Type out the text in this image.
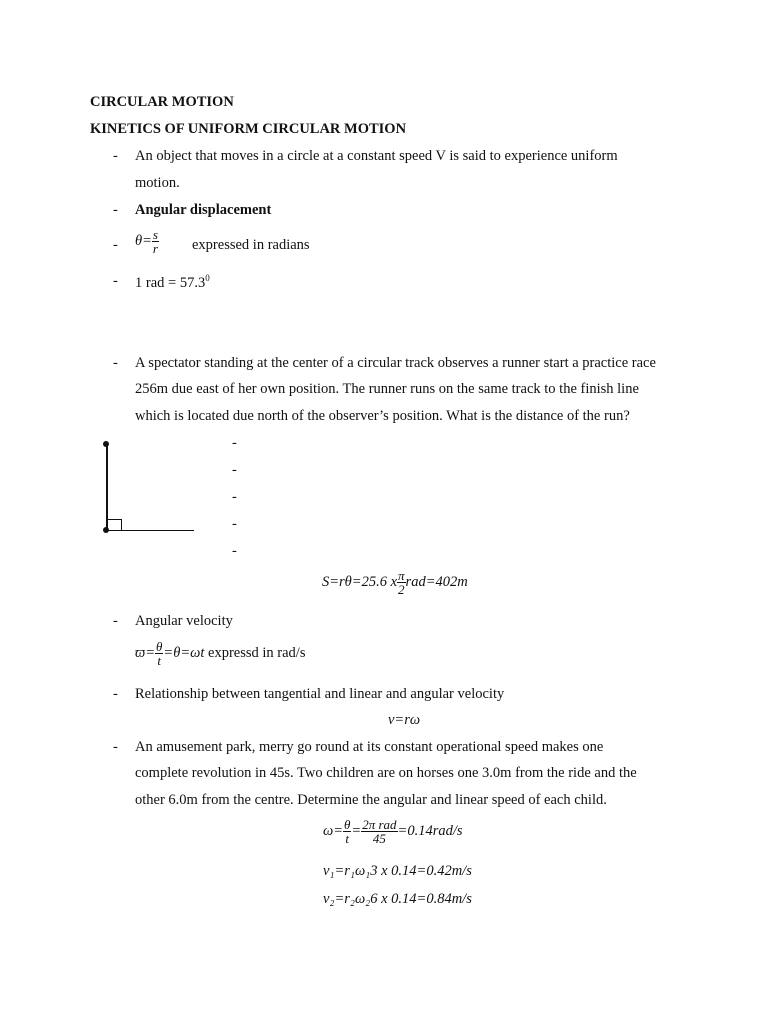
CIRCULAR MOTION
KINETICS OF UNIFORM CIRCULAR MOTION
- An object that moves in a circle at a constant speed V is said to experience uniform
motion.
- Angular displacement
- $\theta= \frac{s}{r}$ expressed in radians
- 1 rad = $57.3^0$
- A spectator standing at the center of a circular track observes a runner start a practice race
256m due east of her own position. The runner runs on the same track to the finish line
which is located due north of the observer’s position. What is the distance of the run?
-
-
-
-
-
S=rθ=25.6 x $\frac{\pi}{2} rad=402m$
- Angular velocity
$ϖ= \frac{\theta}{t} =\theta=\omega t$ expressd in rad/s
- Relationship between tangential and linear and angular velocity
v=rω
- An amusement park, merry go round at its constant operational speed makes one
complete revolution in 45s. Two children are on horses one 3.0m from the ride and the
other 6.0m from the centre. Determine the angular and linear speed of each child.
$\omega= \frac{\theta}{t} = \frac{\text{2π rad}}{45} =0.14rad/s$
v₁=r₁ω₁3 x 0.14=0.42m/s
v₂=r₂ω₂6 x 0.14=0.84m/s
